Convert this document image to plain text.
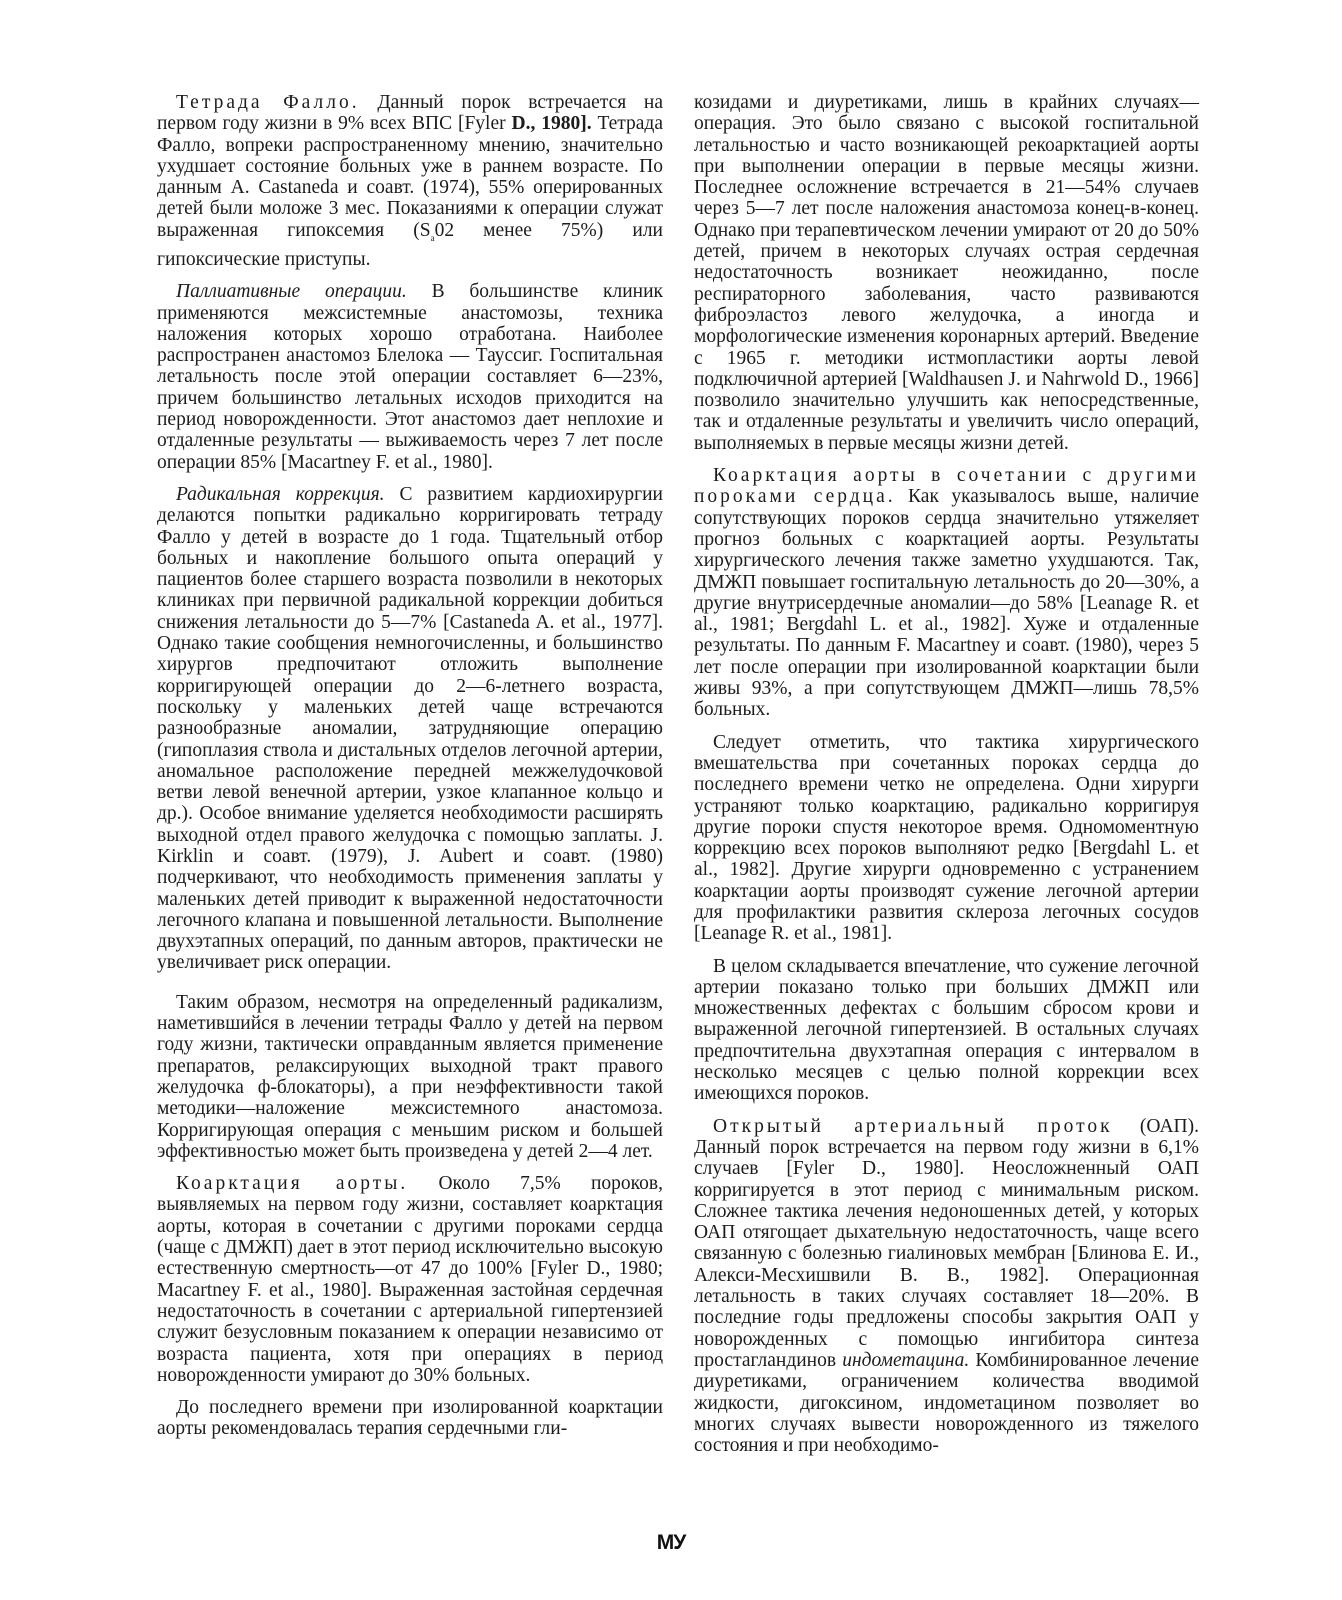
Тетрада Фалло. Данный порок встречается на первом году жизни в 9% всех ВПС [Fyler D., 1980]. Тетрада Фалло, вопреки распространенному мнению, значительно ухудшает состояние больных уже в раннем возрасте. По данным A. Castaneda и соавт. (1974), 55% оперированных детей были моложе 3 мес. Показаниями к операции служат выраженная гипоксемия ($S_a02$ менее 75%) или гипоксические приступы.

Паллиативные операции. В большинстве клиник применяются межсистемные анастомозы, техника наложения которых хорошо отработана. Наиболее распространен анастомоз Блелока — Тауссиг. Госпитальная летальность после этой операции составляет 6—23%, причем большинство летальных исходов приходится на период новорожденности. Этот анастомоз дает неплохие и отдаленные результаты — выживаемость через 7 лет после операции 85% [Macartney F. et al., 1980].

Радикальная коррекция. С развитием кардиохирургии делаются попытки радикально корригировать тетраду Фалло у детей в возрасте до 1 года. Тщательный отбор больных и накопление большого опыта операций у пациентов более старшего возраста позволили в некоторых клиниках при первичной радикальной коррекции добиться снижения летальности до 5—7% [Castaneda A. et al., 1977]. Однако такие сообщения немногочисленны, и большинство хирургов предпочитают отложить выполнение корригирующей операции до 2—6-летнего возраста, поскольку у маленьких детей чаще встречаются разнообразные аномалии, затрудняющие операцию (гипоплазия ствола и дистальных отделов легочной артерии, аномальное расположение передней межжелудочковой ветви левой венечной артерии, узкое клапанное кольцо и др.). Особое внимание уделяется необходимости расширять выходной отдел правого желудочка с помощью заплаты. J. Kirklin и соавт. (1979), J. Aubert и соавт. (1980) подчеркивают, что необходимость применения заплаты у маленьких детей приводит к выраженной недостаточности легочного клапана и повышенной летальности. Выполнение двухэтапных операций, по данным авторов, практически не увеличивает риск операции.

Таким образом, несмотря на определенный радикализм, наметившийся в лечении тетрады Фалло у детей на первом году жизни, тактически оправданным является применение препаратов, релаксирующих выходной тракт правого желудочка ф-блокаторы), а при неэффективности такой методики—наложение межсистемного анастомоза. Корригирующая операция с меньшим риском и большей эффективностью может быть произведена у детей 2—4 лет.

Коарктация аорты. Около 7,5% пороков, выявляемых на первом году жизни, составляет коарктация аорты, которая в сочетании с другими пороками сердца (чаще с ДМЖП) дает в этот период исключительно высокую естественную смертность—от 47 до 100% [Fyler D., 1980; Macartney F. et al., 1980]. Выраженная застойная сердечная недостаточность в сочетании с артериальной гипертензией служит безусловным показанием к операции независимо от возраста пациента, хотя при операциях в период новорожденности умирают до 30% больных.

До последнего времени при изолированной коарктации аорты рекомендовалась терапия сердечными гли-

козидами и диуретиками, лишь в крайних случаях—операция. Это было связано с высокой госпитальной летальностью и часто возникающей рекоарктацией аорты при выполнении операции в первые месяцы жизни. Последнее осложнение встречается в 21—54% случаев через 5—7 лет после наложения анастомоза конец-в-конец. Однако при терапевтическом лечении умирают от 20 до 50% детей, причем в некоторых случаях острая сердечная недостаточность возникает неожиданно, после респираторного заболевания, часто развиваются фиброэластоз левого желудочка, а иногда и морфологические изменения коронарных артерий. Введение с 1965 г. методики истмопластики аорты левой подключичной артерией [Waldhausen J. и Nahrwold D., 1966] позволило значительно улучшить как непосредственные, так и отдаленные результаты и увеличить число операций, выполняемых в первые месяцы жизни детей.

Коарктация аорты в сочетании с другими пороками сердца. Как указывалось выше, наличие сопутствующих пороков сердца значительно утяжеляет прогноз больных с коарктацией аорты. Результаты хирургического лечения также заметно ухудшаются. Так, ДМЖП повышает госпитальную летальность до 20—30%, а другие внутрисердечные аномалии—до 58% [Leanage R. et al., 1981; Bergdahl L. et al., 1982]. Хуже и отдаленные результаты. По данным F. Macartney и соавт. (1980), через 5 лет после операции при изолированной коарктации были живы 93%, а при сопутствующем ДМЖП—лишь 78,5% больных.

Следует отметить, что тактика хирургического вмешательства при сочетанных пороках сердца до последнего времени четко не определена. Одни хирурги устраняют только коарктацию, радикально корригируя другие пороки спустя некоторое время. Одномоментную коррекцию всех пороков выполняют редко [Bergdahl L. et al., 1982]. Другие хирурги одновременно с устранением коарктации аорты производят сужение легочной артерии для профилактики развития склероза легочных сосудов [Leanage R. et al., 1981].

В целом складывается впечатление, что сужение легочной артерии показано только при больших ДМЖП или множественных дефектах с большим сбросом крови и выраженной легочной гипертензией. В остальных случаях предпочтительна двухэтапная операция с интервалом в несколько месяцев с целью полной коррекции всех имеющихся пороков.

Открытый артериальный проток (ОАП). Данный порок встречается на первом году жизни в 6,1% случаев [Fyler D., 1980]. Неосложненный ОАП корригируется в этот период с минимальным риском. Сложнее тактика лечения недоношенных детей, у которых ОАП отягощает дыхательную недостаточность, чаще всего связанную с болезнью гиалиновых мембран [Блинова Е. И., Алекси-Месхишвили В. В., 1982]. Операционная летальность в таких случаях составляет 18—20%. В последние годы предложены способы закрытия ОАП у новорожденных с помощью ингибитора синтеза простагландинов индометацина. Комбинированное лечение диуретиками, ограничением количества вводимой жидкости, дигоксином, индометацином позволяет во многих случаях вывести новорожденного из тяжелого состояния и при необходимо-

МУ
